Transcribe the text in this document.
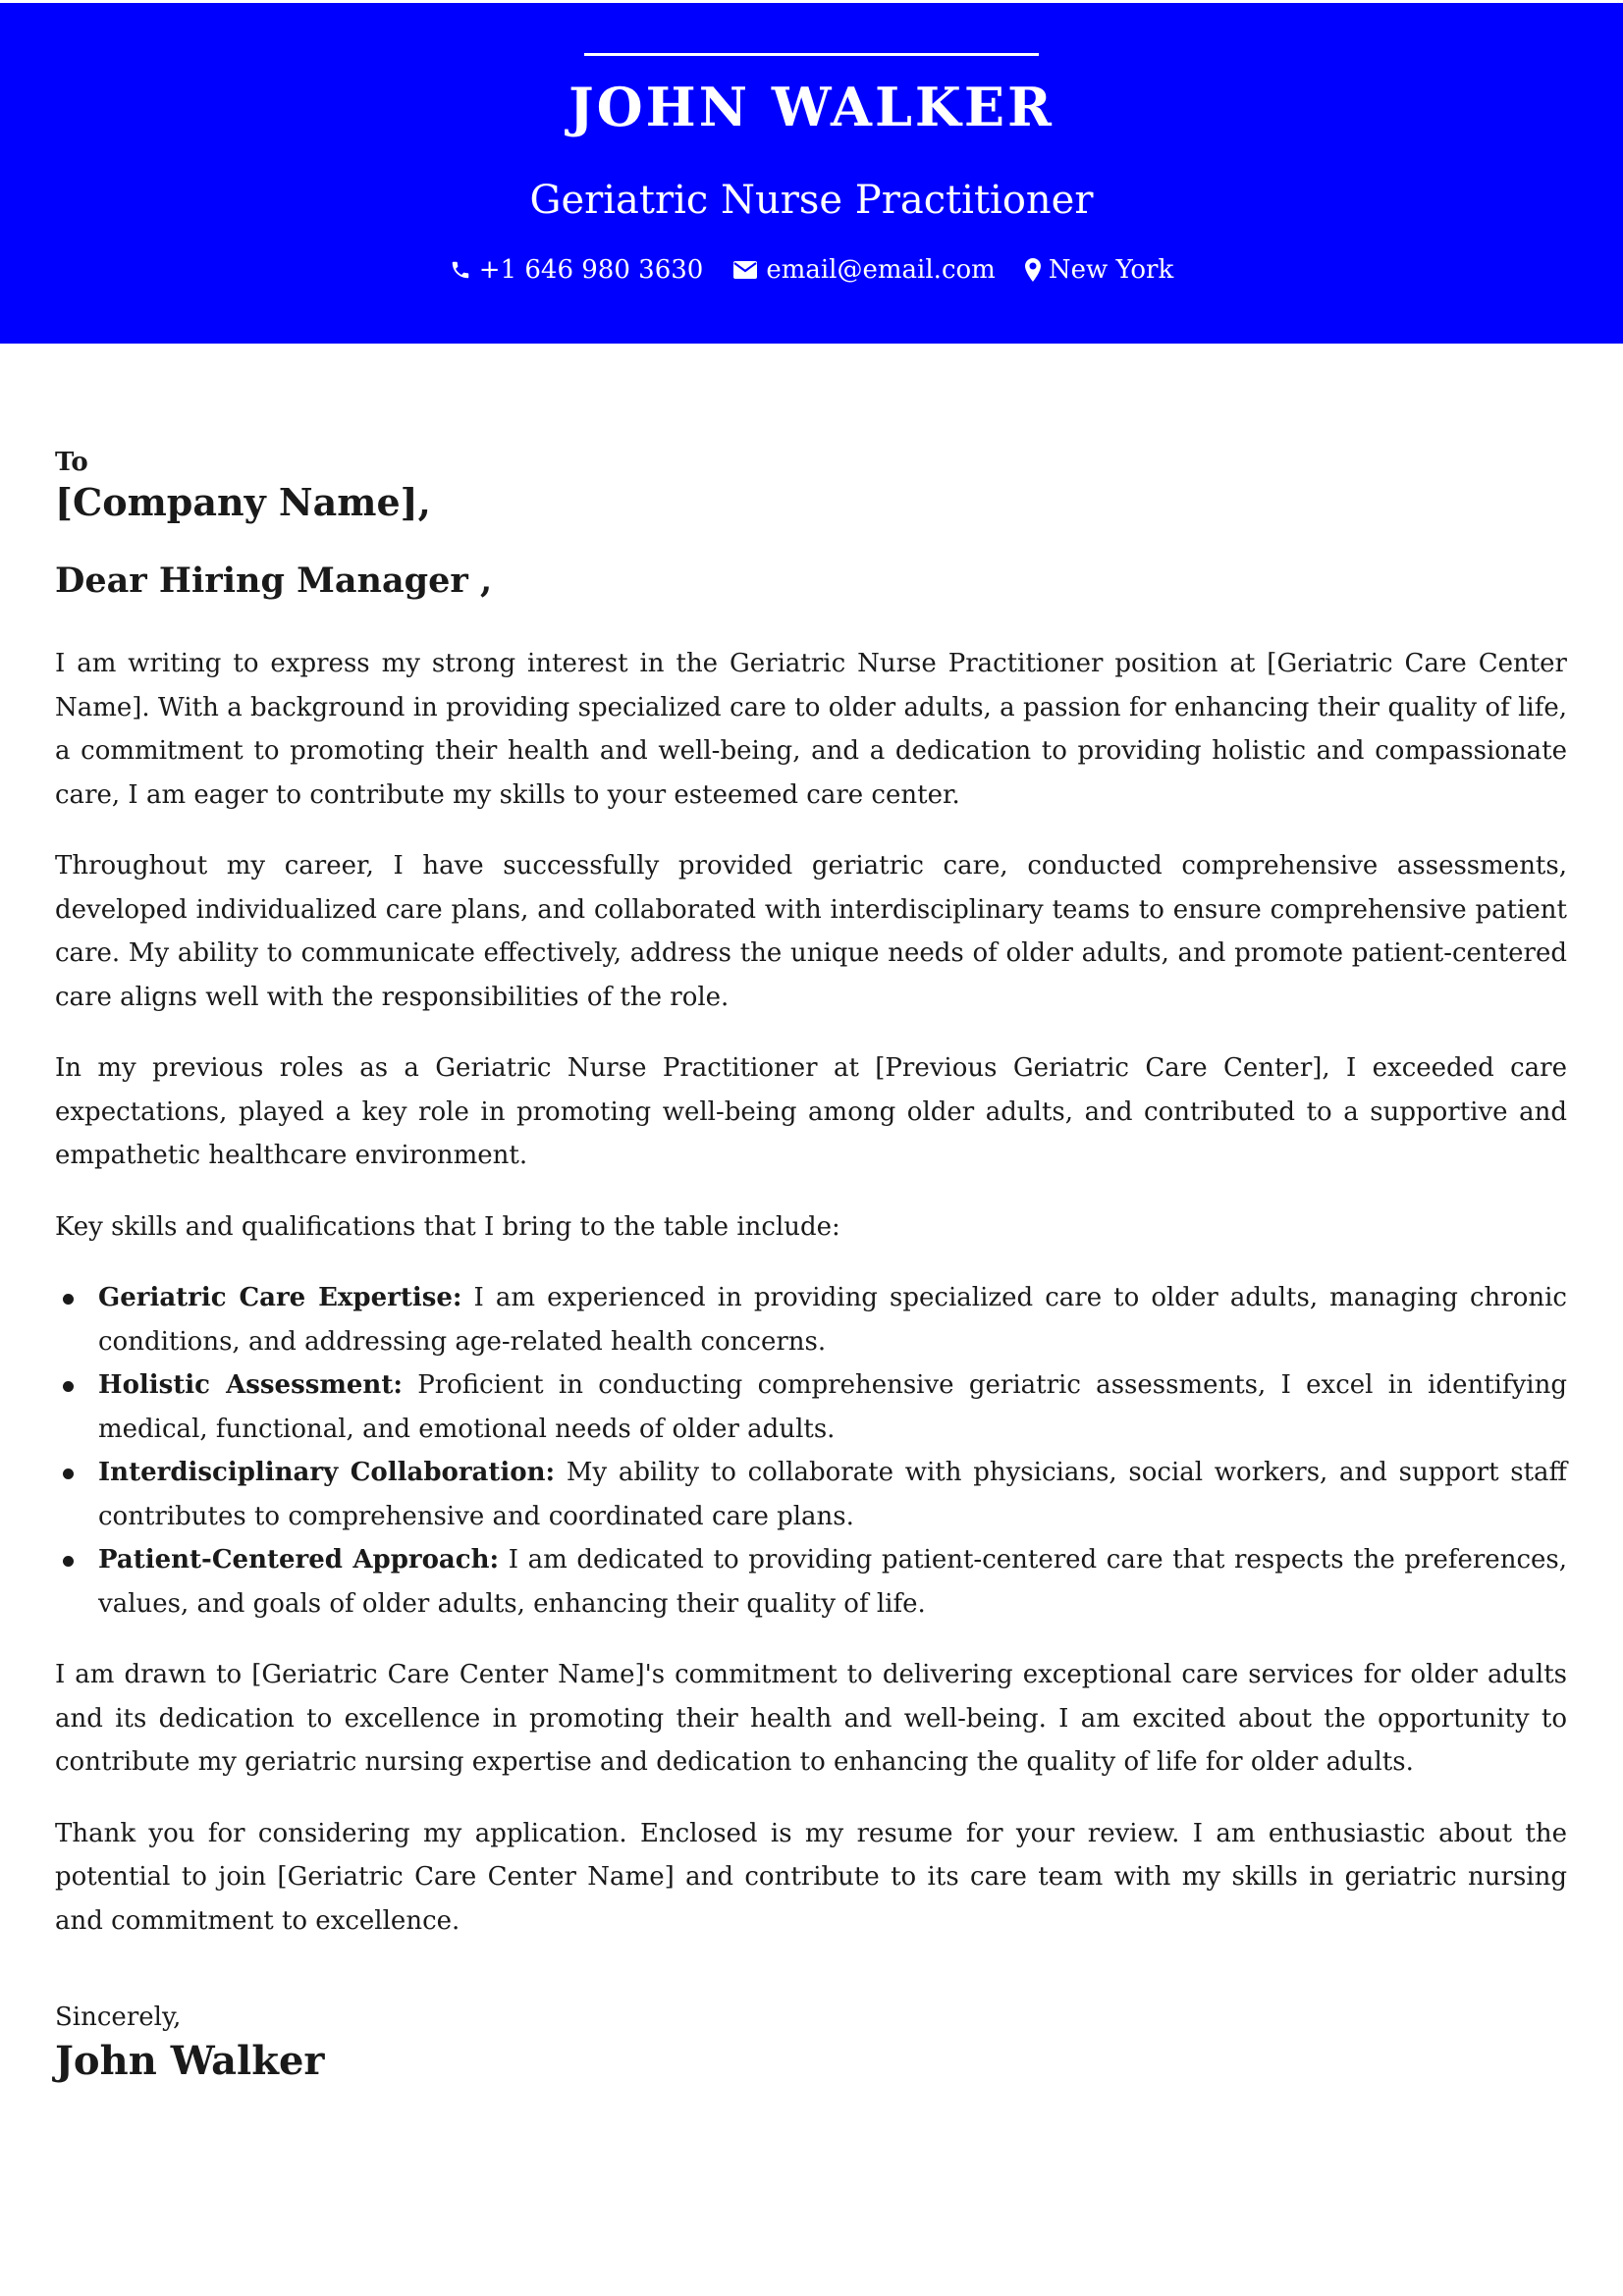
JOHN WALKER
Geriatric Nurse Practitioner
+1 646 980 3630 email@email.com New York

To

[Company Name],

Dear Hiring Manager ,

I am writing to express my strong interest in the Geriatric Nurse Practitioner position at [Geriatric Care Center Name]. With a background in providing specialized care to older adults, a passion for enhancing their quality of life, a commitment to promoting their health and well-being, and a dedication to providing holistic and compassionate care, I am eager to contribute my skills to your esteemed care center.

Throughout my career, I have successfully provided geriatric care, conducted comprehensive assessments, developed individualized care plans, and collaborated with interdisciplinary teams to ensure comprehensive patient care. My ability to communicate effectively, address the unique needs of older adults, and promote patient-centered care aligns well with the responsibilities of the role.

In my previous roles as a Geriatric Nurse Practitioner at [Previous Geriatric Care Center], I exceeded care expectations, played a key role in promoting well-being among older adults, and contributed to a supportive and empathetic healthcare environment.

Key skills and qualifications that I bring to the table include:

Geriatric Care Expertise: I am experienced in providing specialized care to older adults, managing chronic conditions, and addressing age-related health concerns.
Holistic Assessment: Proficient in conducting comprehensive geriatric assessments, I excel in identifying medical, functional, and emotional needs of older adults.
Interdisciplinary Collaboration: My ability to collaborate with physicians, social workers, and support staff contributes to comprehensive and coordinated care plans.
Patient-Centered Approach: I am dedicated to providing patient-centered care that respects the preferences, values, and goals of older adults, enhancing their quality of life.

I am drawn to [Geriatric Care Center Name]'s commitment to delivering exceptional care services for older adults and its dedication to excellence in promoting their health and well-being. I am excited about the opportunity to contribute my geriatric nursing expertise and dedication to enhancing the quality of life for older adults.

Thank you for considering my application. Enclosed is my resume for your review. I am enthusiastic about the potential to join [Geriatric Care Center Name] and contribute to its care team with my skills in geriatric nursing and commitment to excellence.

Sincerely,
John Walker
